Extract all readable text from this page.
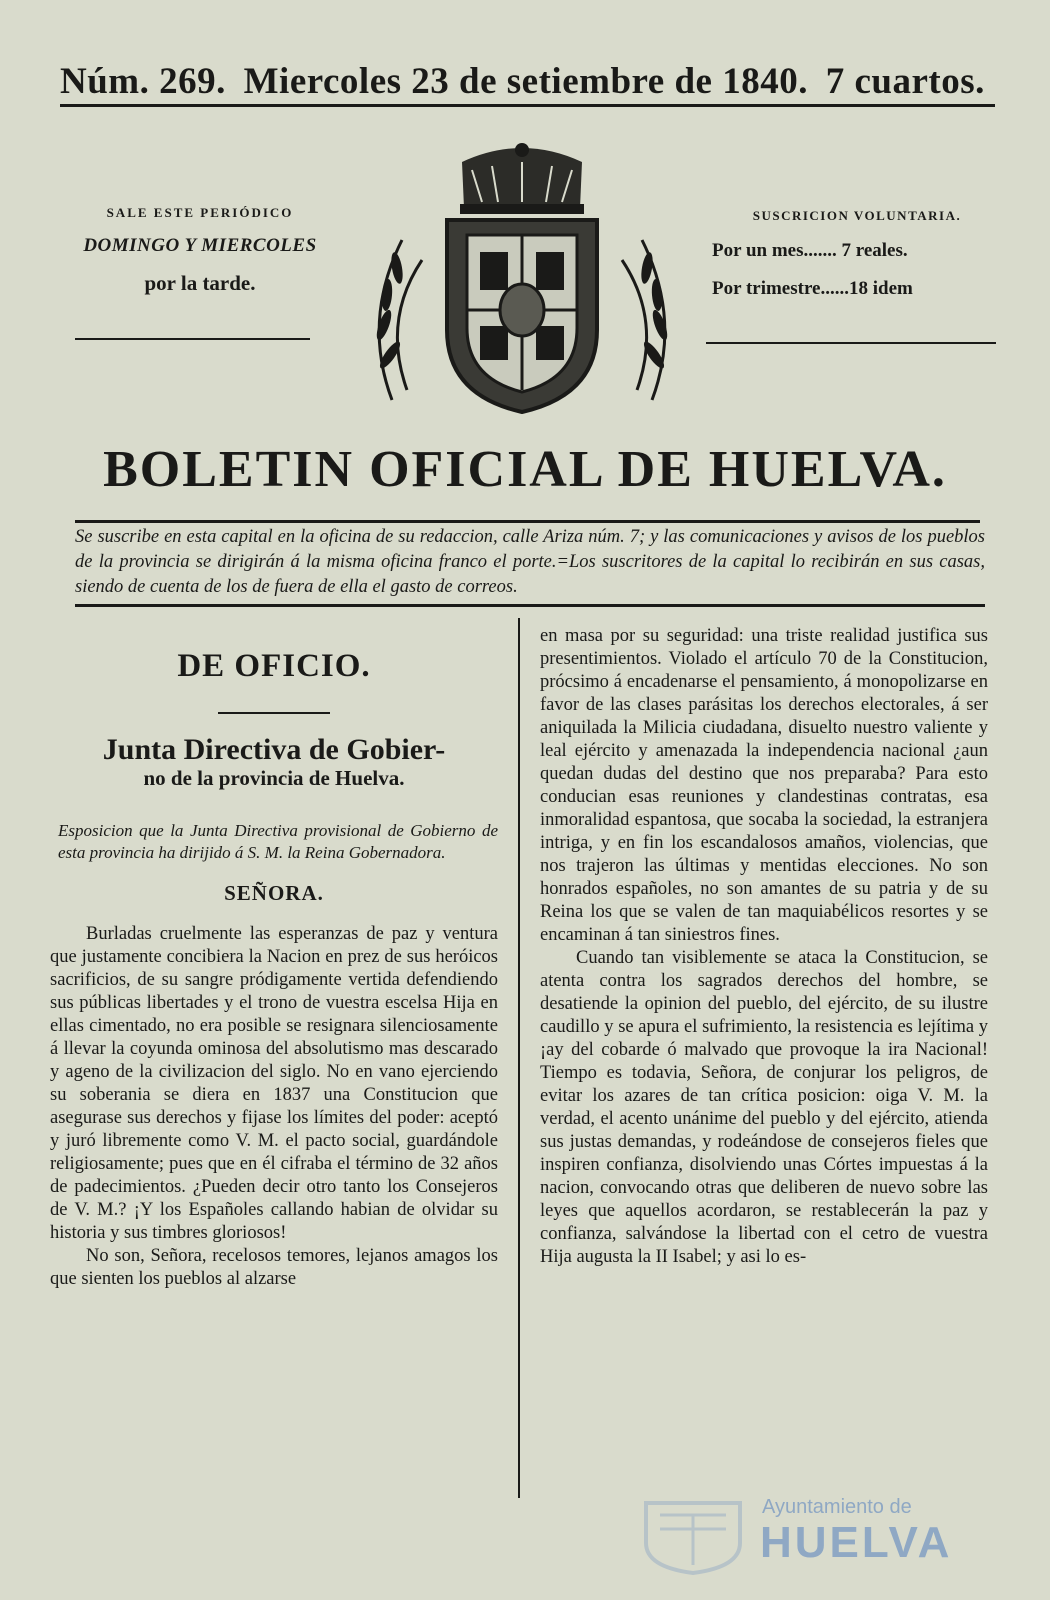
Núm. 269. Miercoles 23 de setiembre de 1840. 7 cuartos.
SALE ESTE PERIÓDICO
DOMINGO Y MIERCOLES
por la tarde.
SUSCRICION VOLUNTARIA.
Por un mes....... 7 reales.
Por trimestre......18 idem
BOLETIN OFICIAL DE HUELVA.
Se suscribe en esta capital en la oficina de su redaccion, calle Ariza núm. 7; y las comunicaciones y avisos de los pueblos de la provincia se dirigirán á la misma oficina franco el porte.=Los suscritores de la capital lo recibirán en sus casas, siendo de cuenta de los de fuera de ella el gasto de correos.
DE OFICIO.
Junta Directiva de Gobier-
no de la provincia de Huelva.
Esposicion que la Junta Directiva provisional de Gobierno de esta provincia ha dirijido á S. M. la Reina Gobernadora.
SEÑORA.

Burladas cruelmente las esperanzas de paz y ventura que justamente concibiera la Nacion en prez de sus heróicos sacrificios, de su sangre pródigamente vertida defendiendo sus públicas libertades y el trono de vuestra escelsa Hija en ellas cimentado, no era posible se resignara silenciosamente á llevar la coyunda ominosa del absolutismo mas descarado y ageno de la civilizacion del siglo. No en vano ejerciendo su soberania se diera en 1837 una Constitucion que asegurase sus derechos y fijase los límites del poder: aceptó y juró libremente como V. M. el pacto social, guardándole religiosamente; pues que en él cifraba el término de 32 años de padecimientos. ¿Pueden decir otro tanto los Consejeros de V. M.? ¡Y los Españoles callando habian de olvidar su historia y sus timbres gloriosos!

No son, Señora, recelosos temores, lejanos amagos los que sienten los pueblos al alzarse

en masa por su seguridad: una triste realidad justifica sus presentimientos. Violado el artículo 70 de la Constitucion, prócsimo á encadenarse el pensamiento, á monopolizarse en favor de las clases parásitas los derechos electorales, á ser aniquilada la Milicia ciudadana, disuelto nuestro valiente y leal ejército y amenazada la independencia nacional ¿aun quedan dudas del destino que nos preparaba? Para esto conducian esas reuniones y clandestinas contratas, esa inmoralidad espantosa, que socaba la sociedad, la estranjera intriga, y en fin los escandalosos amaños, violencias, que nos trajeron las últimas y mentidas elecciones. No son honrados españoles, no son amantes de su patria y de su Reina los que se valen de tan maquiabélicos resortes y se encaminan á tan siniestros fines.

Cuando tan visiblemente se ataca la Constitucion, se atenta contra los sagrados derechos del hombre, se desatiende la opinion del pueblo, del ejército, de su ilustre caudillo y se apura el sufrimiento, la resistencia es lejítima y ¡ay del cobarde ó malvado que provoque la ira Nacional! Tiempo es todavia, Señora, de conjurar los peligros, de evitar los azares de tan crítica posicion: oiga V. M. la verdad, el acento unánime del pueblo y del ejército, atienda sus justas demandas, y rodeándose de consejeros fieles que inspiren confianza, disolviendo unas Córtes impuestas á la nacion, convocando otras que deliberen de nuevo sobre las leyes que aquellos acordaron, se restablecerán la paz y confianza, salvándose la libertad con el cetro de vuestra Hija augusta la II Isabel; y asi lo es-

Ayuntamiento de
HUELVA
